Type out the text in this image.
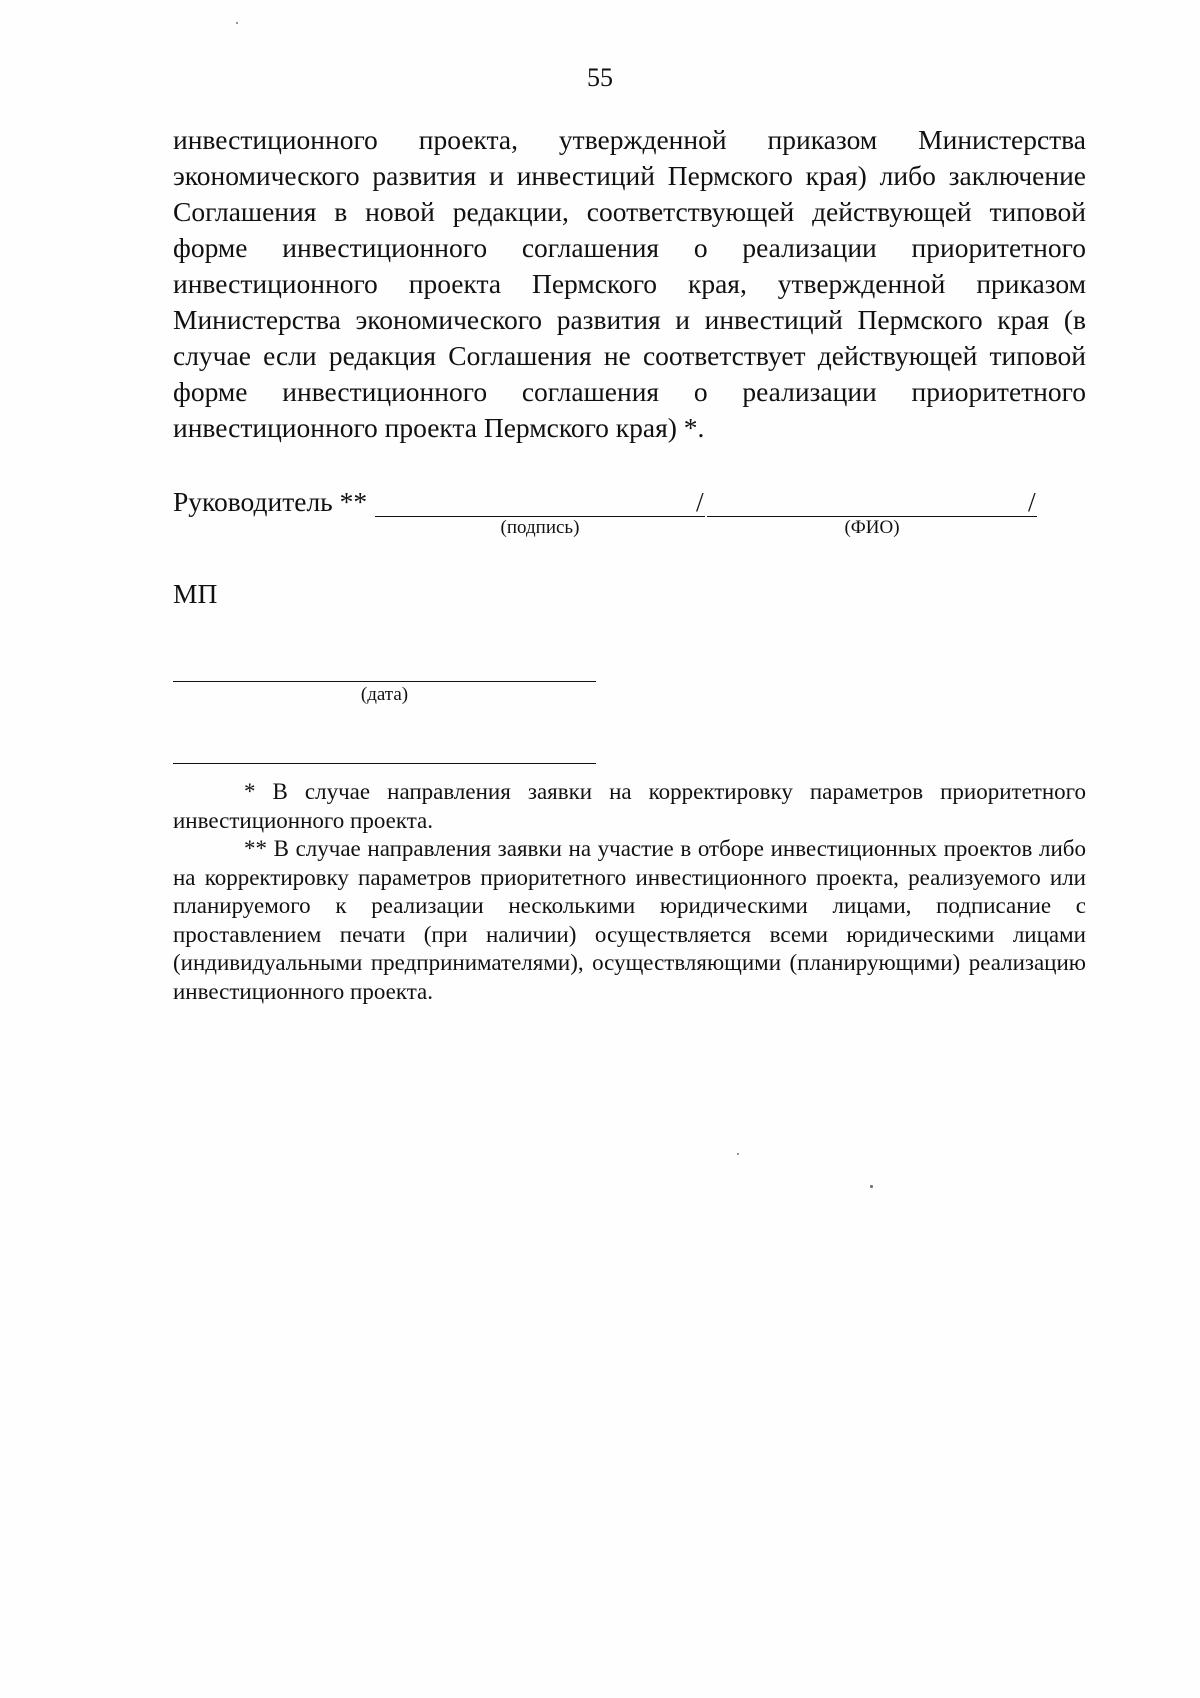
55

инвестиционного проекта, утвержденной приказом Министерства экономического развития и инвестиций Пермского края) либо заключение Соглашения в новой редакции, соответствующей действующей типовой форме инвестиционного соглашения о реализации приоритетного инвестиционного проекта Пермского края, утвержденной приказом Министерства экономического развития и инвестиций Пермского края (в случае если редакция Соглашения не соответствует действующей типовой форме инвестиционного соглашения о реализации приоритетного инвестиционного проекта Пермского края) *.

Руководитель **	/	/
(подпись)	(ФИО)
МП
(дата)

* В случае направления заявки на корректировку параметров приоритетного инвестиционного проекта.

** В случае направления заявки на участие в отборе инвестиционных проектов либо на корректировку параметров приоритетного инвестиционного проекта, реализуемого или планируемого к реализации несколькими юридическими лицами, подписание с проставлением печати (при наличии) осуществляется всеми юридическими лицами (индивидуальными предпринимателями), осуществляющими (планирующими) реализацию инвестиционного проекта.
